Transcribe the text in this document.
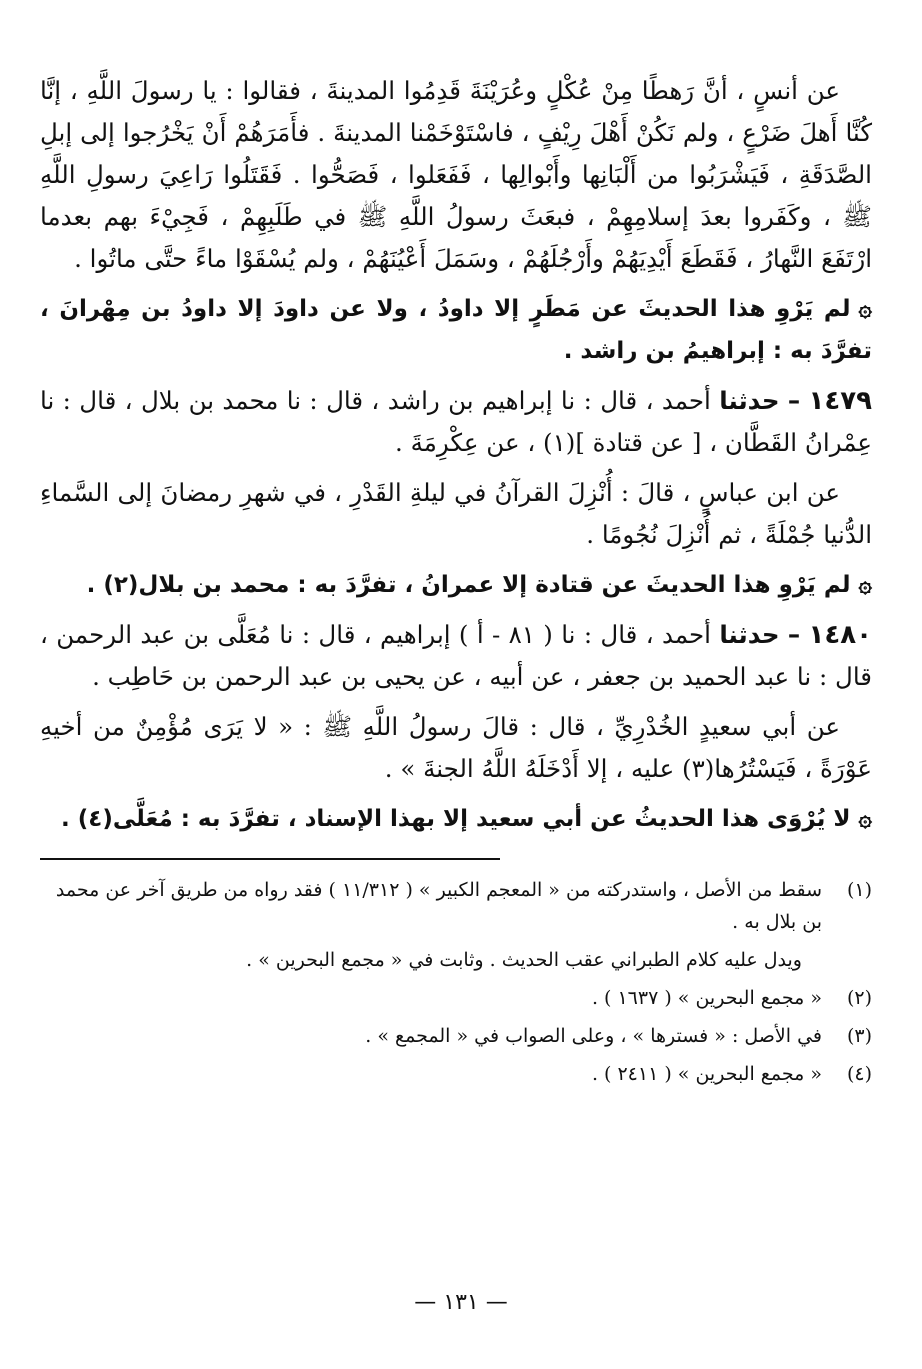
عن أنسٍ ، أنَّ رَهطًا مِنْ عُكْلٍ وعُرَيْنَةَ قَدِمُوا المدينةَ ، فقالوا : يا رسولَ اللَّهِ ، إنَّا كُنَّا أَهلَ ضَرْعٍ ، ولم نَكُنْ أَهْلَ رِيْفٍ ، فاسْتَوْخَمْنا المدينةَ . فأَمَرَهُمْ أَنْ يَخْرُجوا إلى إبلِ الصَّدَقَةِ ، فَيَشْرَبُوا من أَلْبَانِها وأَبْوالِها ، فَفَعَلوا ، فَصَحُّوا . فَقَتَلُوا رَاعِيَ رسولِ اللَّهِ ﷺ ، وكَفَروا بعدَ إسلامِهِمْ ، فبعَثَ رسولُ اللَّهِ ﷺ في طَلَبِهِمْ ، فَجِيْءَ بهم بعدما ارْتَفَعَ النَّهارُ ، فَقَطَعَ أَيْدِيَهُمْ وأَرْجُلَهُمْ ، وسَمَلَ أَعْيُنَهُمْ ، ولم يُسْقَوْا ماءً حتَّى ماتُوا .

۞لم يَرْوِ هذا الحديثَ عن مَطَرٍ إلا داودُ ، ولا عن داودَ إلا داودُ بن مِهْرانَ ، تفرَّدَ به : إبراهيمُ بن راشد .

١٤٧٩ – حدثنا أحمد ، قال : نا إبراهيم بن راشد ، قال : نا محمد بن بلال ، قال : نا عِمْرانُ القَطَّان ، [ عن قتادة ](١) ، عن عِكْرِمَةَ .

عن ابن عباسٍ ، قالَ : أُنْزِلَ القرآنُ في ليلةِ القَدْرِ ، في شهرِ رمضانَ إلى السَّماءِ الدُّنيا جُمْلَةً ، ثم أُنْزِلَ نُجُومًا .

۞لم يَرْوِ هذا الحديثَ عن قتادة إلا عمرانُ ، تفرَّدَ به : محمد بن بلال(٢) .

١٤٨٠ – حدثنا أحمد ، قال : نا ( ٨١ - أ ) إبراهيم ، قال : نا مُعَلَّى بن عبد الرحمن ، قال : نا عبد الحميد بن جعفر ، عن أبيه ، عن يحيى بن عبد الرحمن بن حَاطِب .

عن أبي سعيدٍ الخُدْرِيِّ ، قال : قالَ رسولُ اللَّهِ ﷺ : « لا يَرَى مُؤْمِنٌ من أخيهِ عَوْرَةً ، فَيَسْتُرُها(٣) عليه ، إلا أَدْخَلَهُ اللَّهُ الجنةَ » .

۞لا يُرْوَى هذا الحديثُ عن أبي سعيد إلا بهذا الإسناد ، تفرَّدَ به : مُعَلَّى(٤) .

(١)
سقط من الأصل ، واستدركته من « المعجم الكبير » ( ١١/٣١٢ ) فقد رواه من طريق آخر عن محمد بن بلال به .
ويدل عليه كلام الطبراني عقب الحديث . وثابت في « مجمع البحرين » .
(٢)
« مجمع البحرين » ( ١٦٣٧ ) .
(٣)
في الأصل : « فسترها » ، وعلى الصواب في « المجمع » .
(٤)
« مجمع البحرين » ( ٢٤١١ ) .
— ١٣١ —
